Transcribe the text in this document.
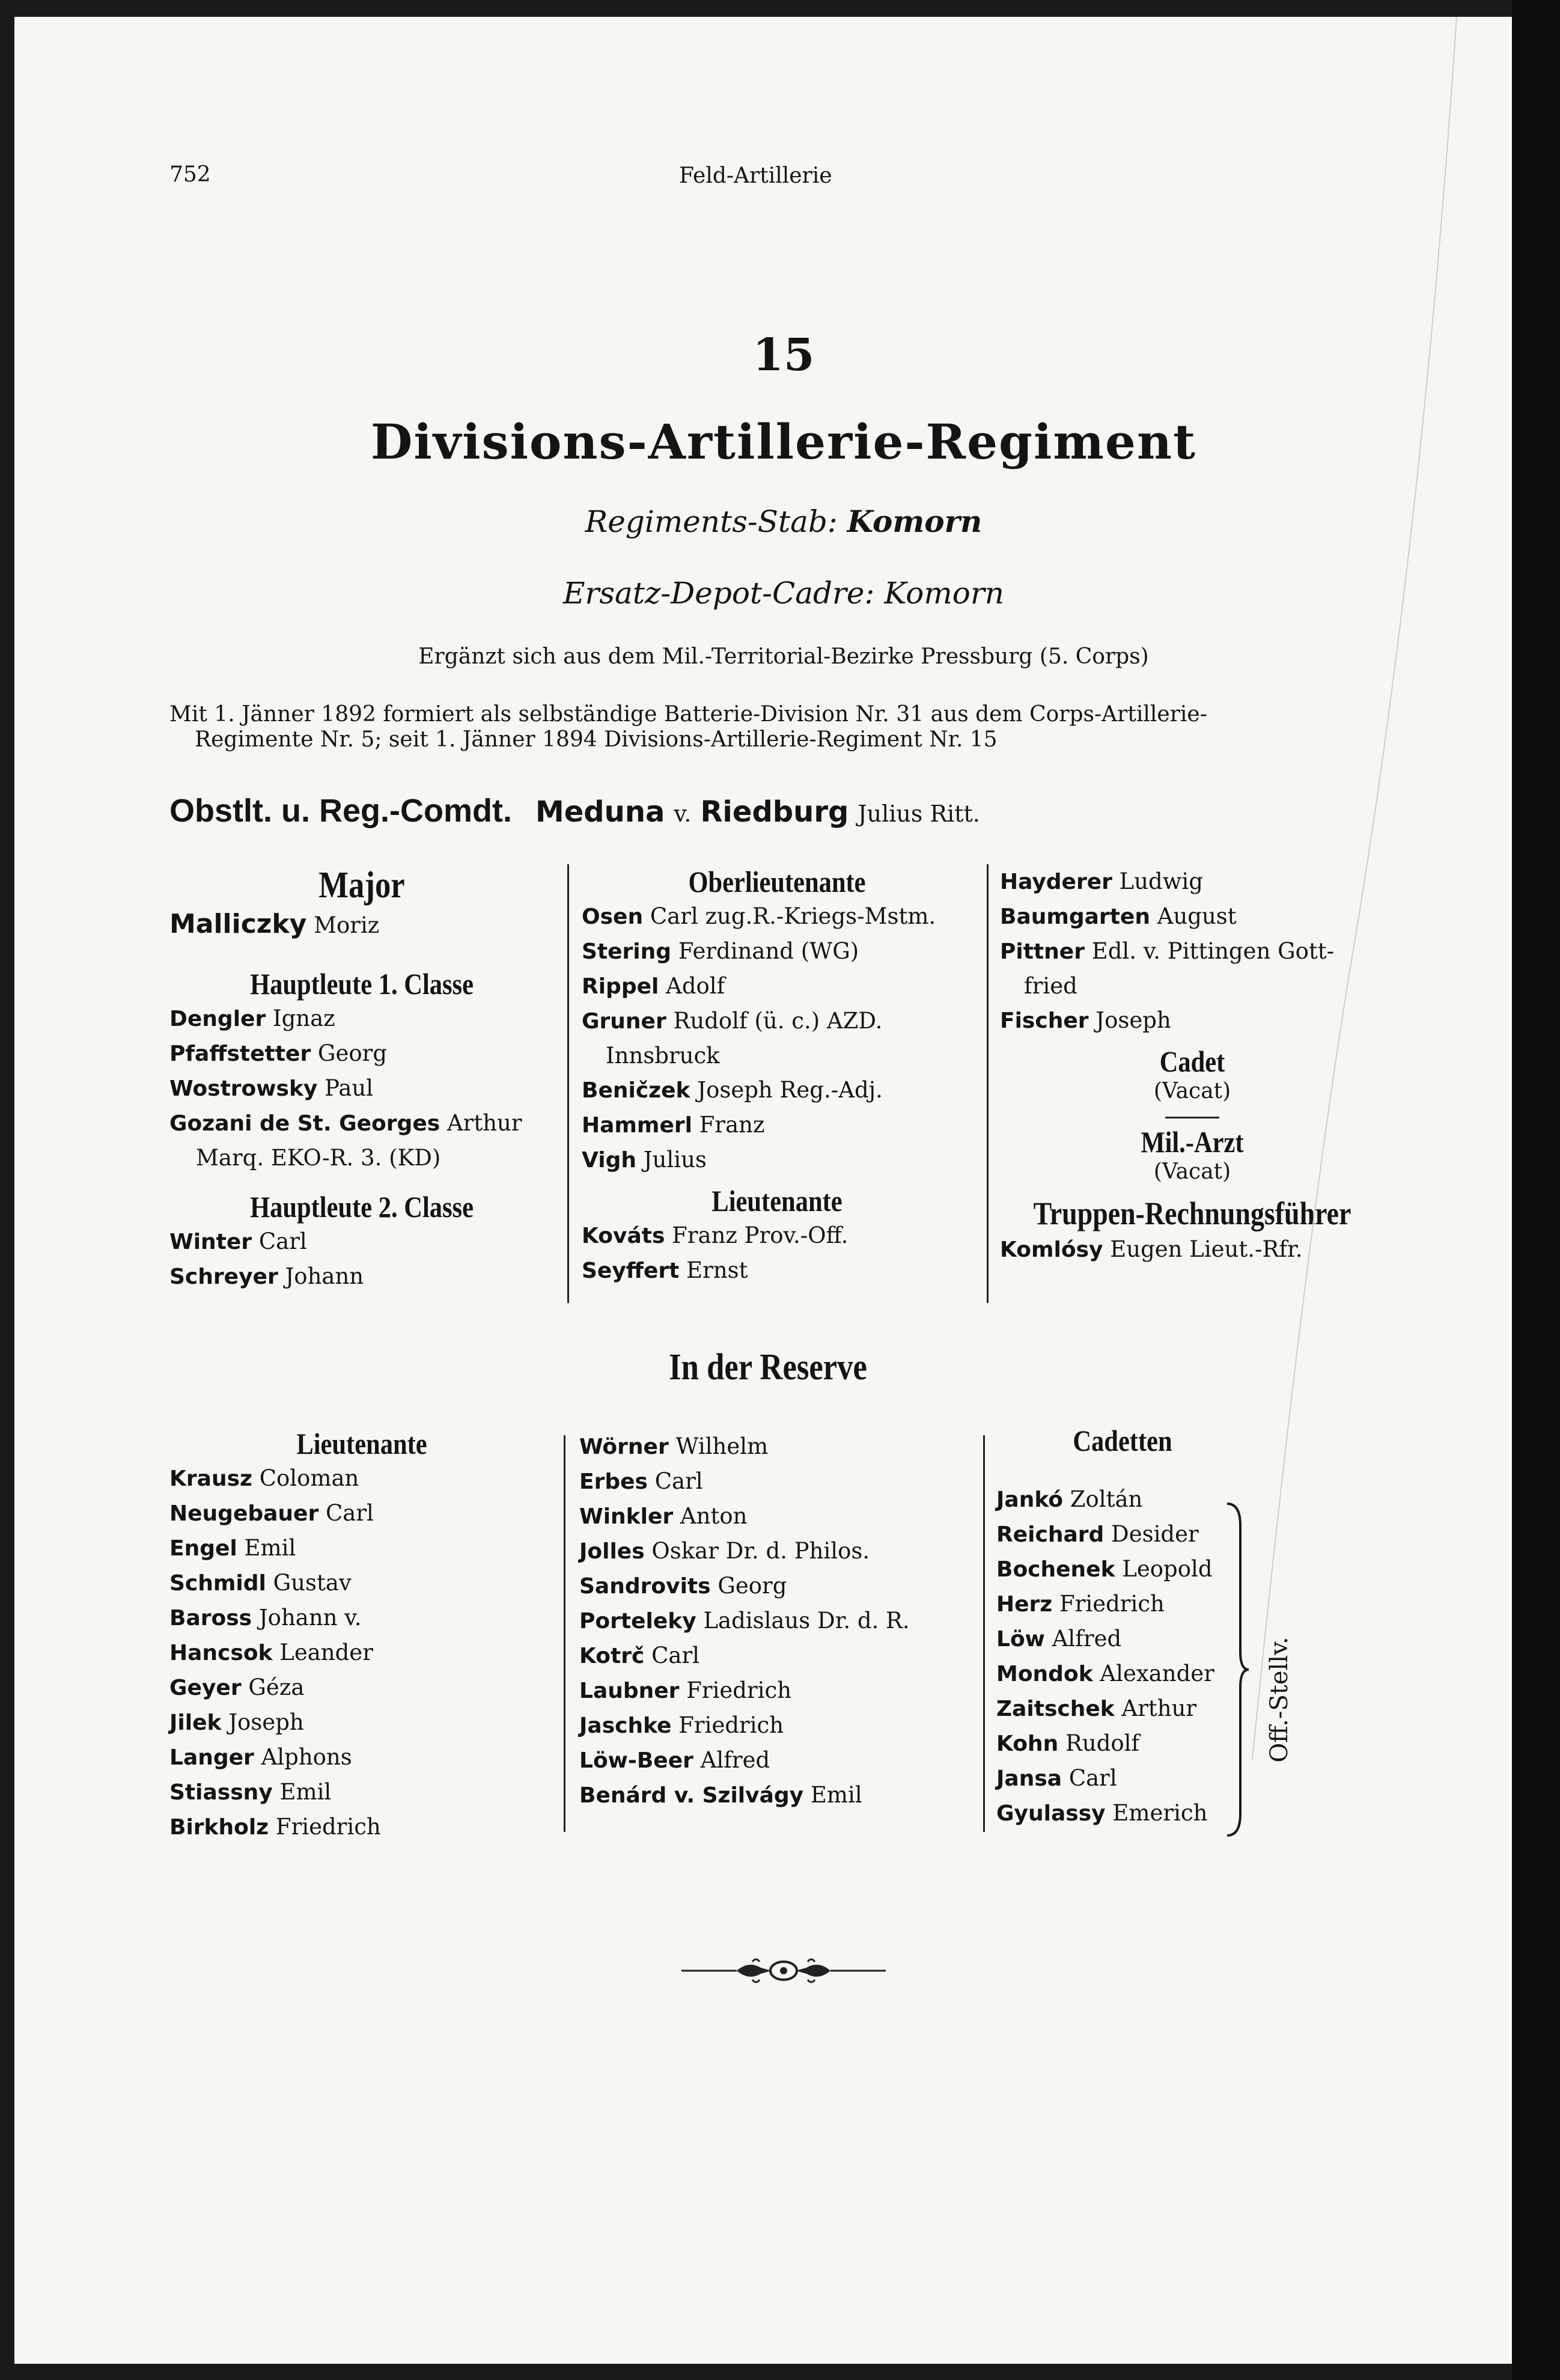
752	Feld-Artillerie
15
Divisions-Artillerie-Regiment
Regiments-Stab: Komorn
Ersatz-Depot-Cadre: Komorn
Ergänzt sich aus dem Mil.-Territorial-Bezirke Pressburg (5. Corps)
Mit 1. Jänner 1892 formiert als selbständige Batterie-Division Nr. 31 aus dem Corps-Artillerie-
Regimente Nr. 5; seit 1. Jänner 1894 Divisions-Artillerie-Regiment Nr. 15
Obstlt. u. Reg.-Comdt. Meduna v. Riedburg Julius Ritt.
Major
Malliczky Moriz
Hauptleute 1. Classe
Dengler Ignaz
Pfaffstetter Georg
Wostrowsky Paul
Gozani de St. Georges Arthur
Marq. EKO-R. 3. (KD)
Hauptleute 2. Classe
Winter Carl
Schreyer Johann
Oberlieutenante
Osen Carl zug.R.-Kriegs-Mstm.
Stering Ferdinand (WG)
Rippel Adolf
Gruner Rudolf (ü. c.) AZD.
Innsbruck
Beničzek Joseph Reg.-Adj.
Hammerl Franz
Vigh Julius
Lieutenante
Kováts Franz Prov.-Off.
Seyffert Ernst
Hayderer Ludwig
Baumgarten August
Pittner Edl. v. Pittingen Gott-
fried
Fischer Joseph
Cadet
(Vacat)
Mil.-Arzt
(Vacat)
Truppen-Rechnungsführer
Komlósy Eugen Lieut.-Rfr.
In der Reserve
Lieutenante
Krausz Coloman
Neugebauer Carl
Engel Emil
Schmidl Gustav
Baross Johann v.
Hancsok Leander
Geyer Géza
Jilek Joseph
Langer Alphons
Stiassny Emil
Birkholz Friedrich
Wörner Wilhelm
Erbes Carl
Winkler Anton
Jolles Oskar Dr. d. Philos.
Sandrovits Georg
Porteleky Ladislaus Dr. d. R.
Kotrč Carl
Laubner Friedrich
Jaschke Friedrich
Löw-Beer Alfred
Benárd v. Szilvágy Emil
Cadetten
Jankó Zoltán
Reichard Desider
Bochenek Leopold
Herz Friedrich
Löw Alfred
Mondok Alexander
Zaitschek Arthur
Kohn Rudolf
Jansa Carl
Gyulassy Emerich
Off.-Stellv.
